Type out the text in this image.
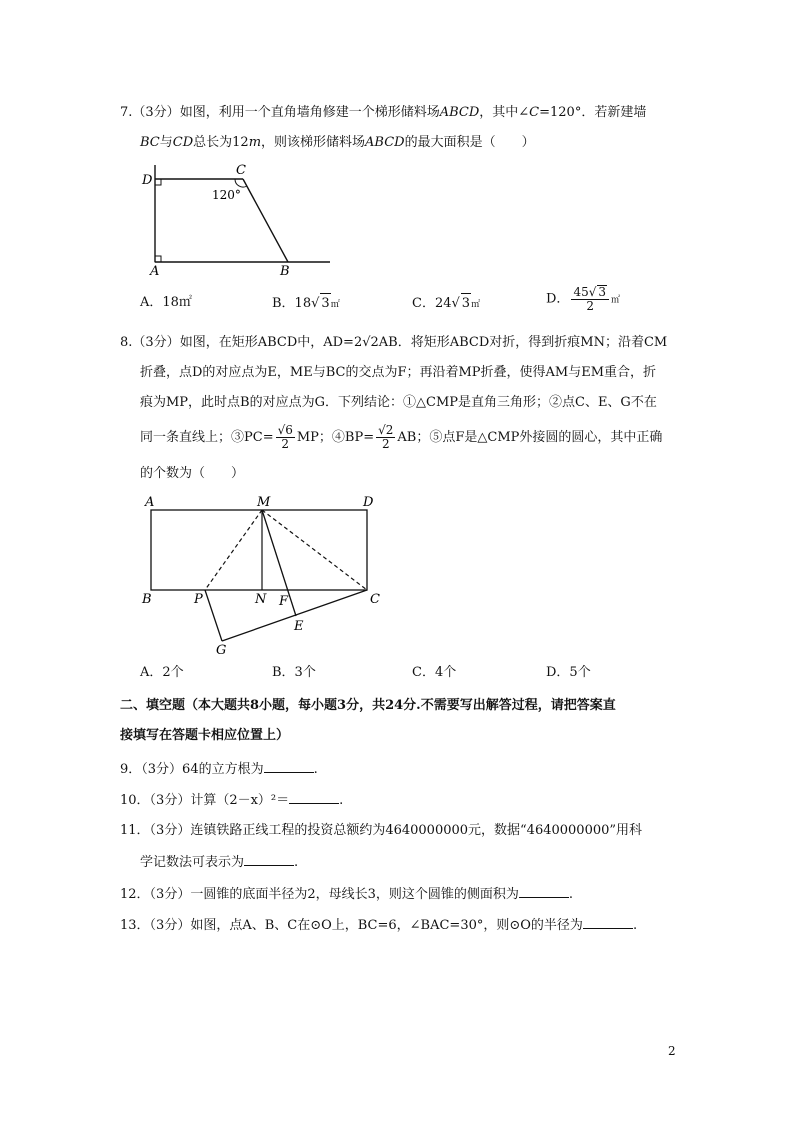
7.（3分）如图，利用一个直角墙角修建一个梯形储料场ABCD，其中∠C=120°．若新建墙
BC与CD总长为12m，则该梯形储料场ABCD的最大面积是（　　）
D
C
120°
A	B
A．18㎡	B．18√ 3㎡	C．24√ 3㎡	D． $\frac{45√ 3}{2}$ ㎡
8.（3分）如图，在矩形ABCD中，AD=2√2AB．将矩形ABCD对折，得到折痕MN；沿着CM
折叠，点D的对应点为E，ME与BC的交点为F；再沿着MP折叠，使得AM与EM重合，折
痕为MP，此时点B的对应点为G．下列结论：①△CMP是直角三角形；②点C、E、G不在
同一条直线上；③PC= $\frac{√6}{2}$ MP；④BP= $\frac{√2}{2}$ AB；⑤点F是△CMP外接圆的圆心，其中正确
的个数为（　　）
A	M	D
B	P	N F	C
E
G
A．2个	B．3个	C．4个	D．5个
二、填空题（本大题共8小题，每小题3分，共24分.不需要写出解答过程，请把答案直
接填写在答题卡相应位置上）
9．（3分）64的立方根为	.
10．（3分）计算（2－x）²＝	.
11．（3分）连镇铁路正线工程的投资总额约为4640000000元，数据“4640000000”用科
学记数法可表示为	.
12．（3分）一圆锥的底面半径为2，母线长3，则这个圆锥的侧面积为	.
13．（3分）如图，点A、B、C在⊙O上，BC=6，∠BAC=30°，则⊙O的半径为	.
2
